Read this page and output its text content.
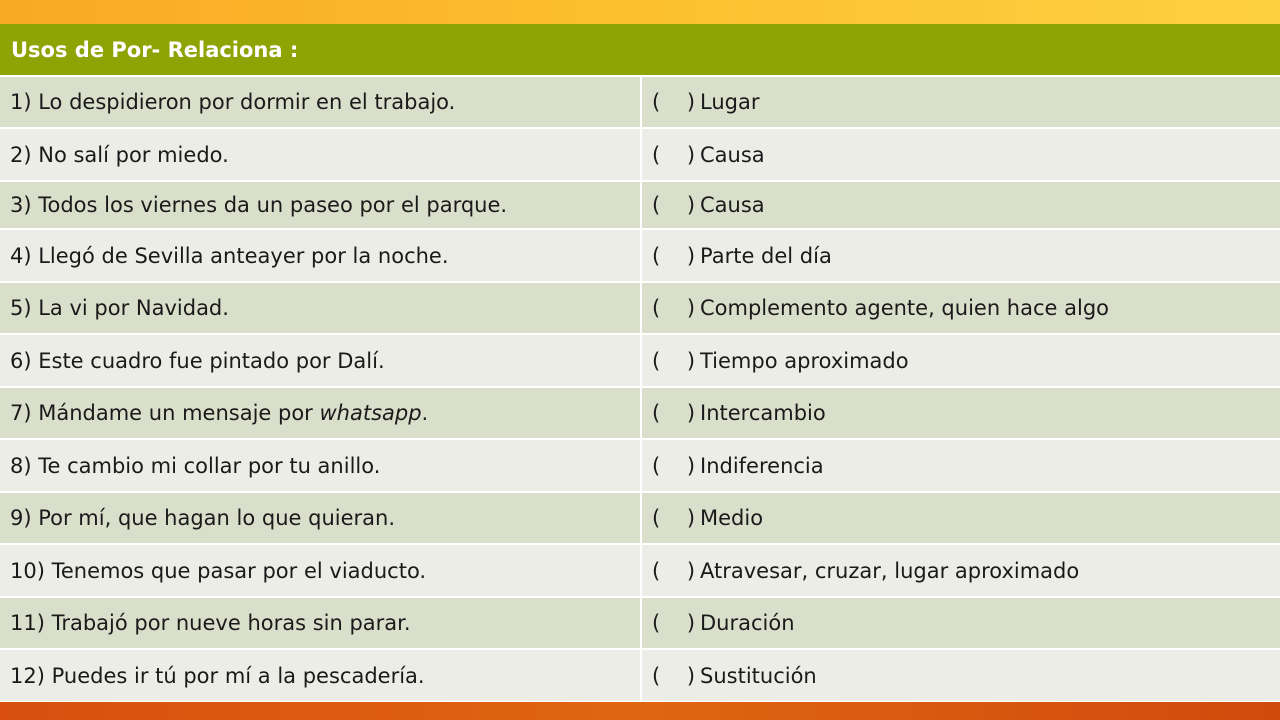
Usos de Por- Relaciona :	
1) Lo despidieron por dormir en el trabajo.	(    ) Lugar
2) No salí por miedo.	(    ) Causa
3) Todos los viernes da un paseo por el parque.	(    ) Causa
4) Llegó de Sevilla anteayer por la noche.	(    ) Parte del día
5) La vi por Navidad.	(    ) Complemento agente, quien hace algo
6) Este cuadro fue pintado por Dalí.	(    ) Tiempo aproximado
7) Mándame un mensaje por whatsapp.	(    ) Intercambio
8) Te cambio mi collar por tu anillo.	(    ) Indiferencia
9) Por mí, que hagan lo que quieran.	(    ) Medio
10) Tenemos que pasar por el viaducto.	(    ) Atravesar, cruzar, lugar aproximado
11) Trabajó por nueve horas sin parar.	(    ) Duración
12) Puedes ir tú por mí a la pescadería.	(    ) Sustitución
